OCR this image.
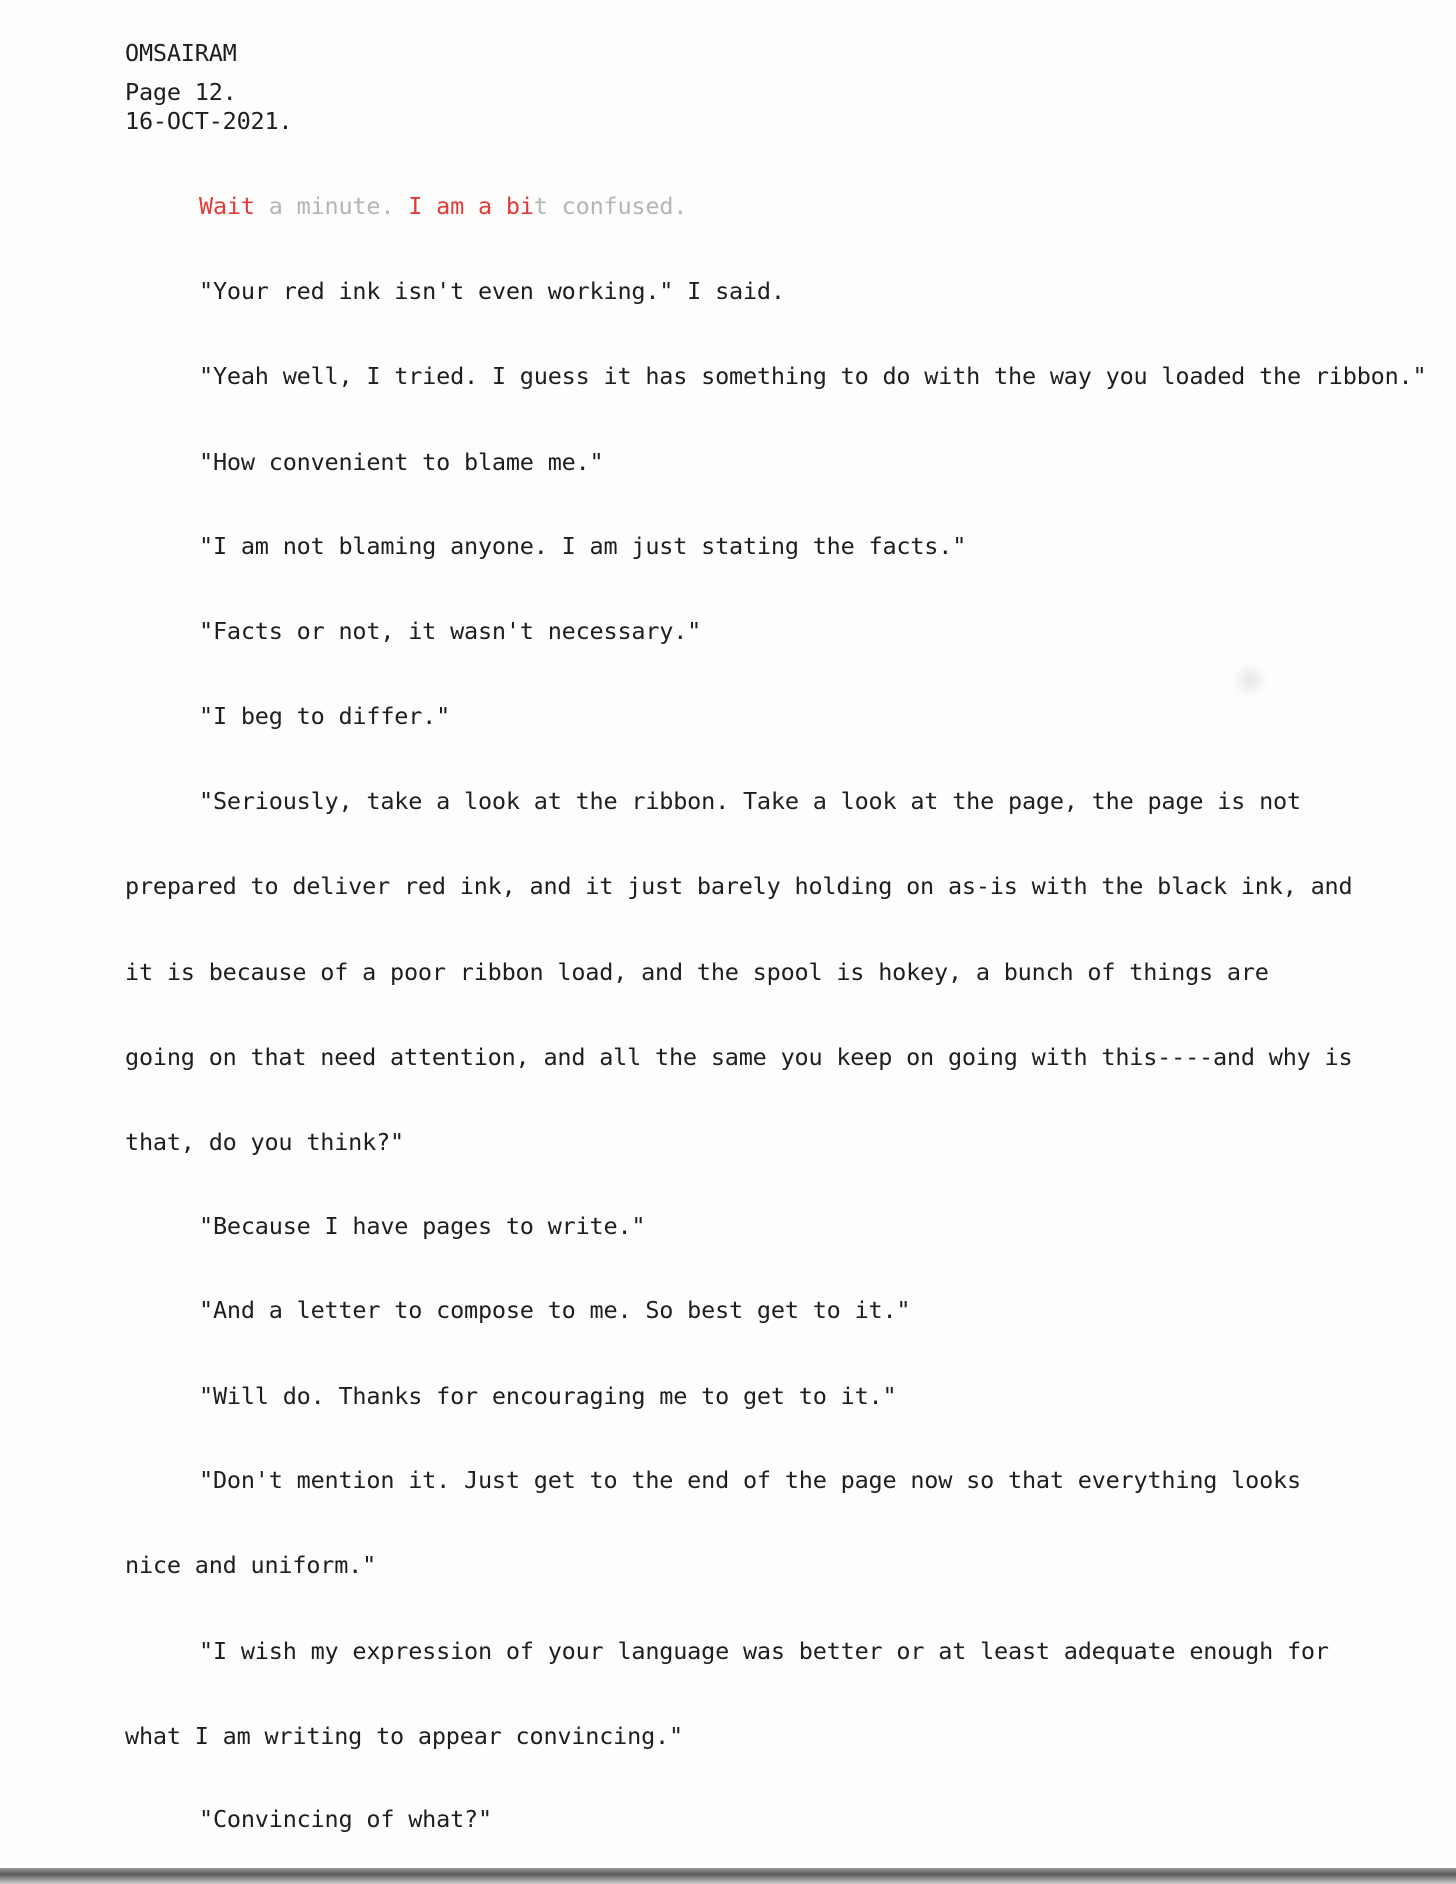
OMSAIRAM
Page 12.
16-OCT-2021.
Wait a minute. I am a bit confused.
"Your red ink isn't even working." I said.
"Yeah well, I tried. I guess it has something to do with the way you loaded the ribbon."
"How convenient to blame me."
"I am not blaming anyone. I am just stating the facts."
"Facts or not, it wasn't necessary."
"I beg to differ."
"Seriously, take a look at the ribbon. Take a look at the page, the page is not
prepared to deliver red ink, and it just barely holding on as-is with the black ink, and
it is because of a poor ribbon load, and the spool is hokey, a bunch of things are
going on that need attention, and all the same you keep on going with this----and why is
that, do you think?"
"Because I have pages to write."
"And a letter to compose to me. So best get to it."
"Will do. Thanks for encouraging me to get to it."
"Don't mention it. Just get to the end of the page now so that everything looks
nice and uniform."
"I wish my expression of your language was better or at least adequate enough for
what I am writing to appear convincing."
"Convincing of what?"
